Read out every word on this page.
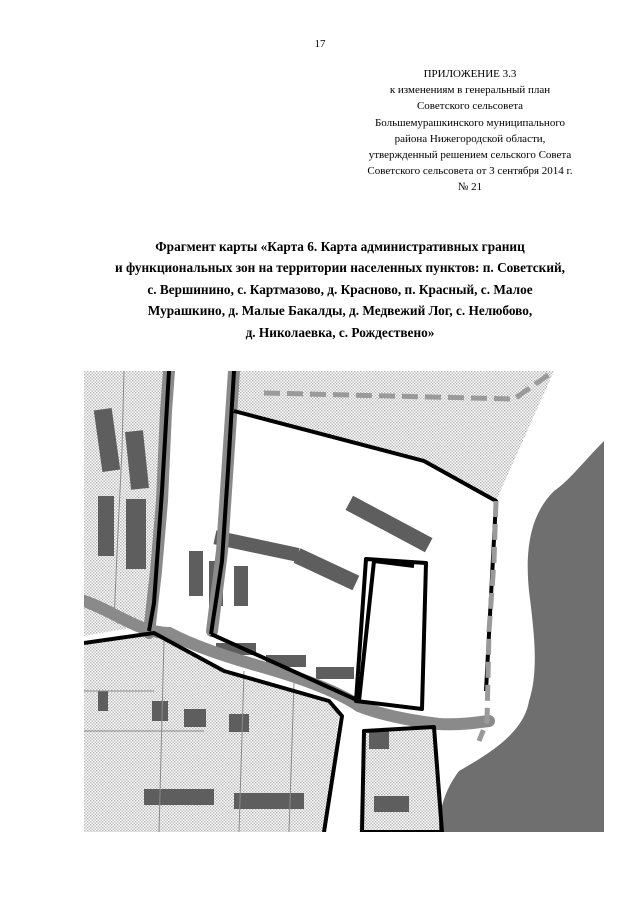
17
ПРИЛОЖЕНИЕ 3.3
к изменениям в генеральный план
Советского сельсовета
Большемурашкинского муниципального
района Нижегородской области,
утвержденный решением сельского Совета
Советского сельсовета от 3 сентября 2014 г.
№ 21
Фрагмент карты «Карта 6. Карта административных границ
и функциональных зон на территории населенных пунктов: п. Советский,
с. Вершинино, с. Картмазово, д. Красново, п. Красный, с. Малое
Мурашкино, д. Малые Бакалды, д. Медвежий Лог, с. Нелюбово,
д. Николаевка, с. Рождествено»
